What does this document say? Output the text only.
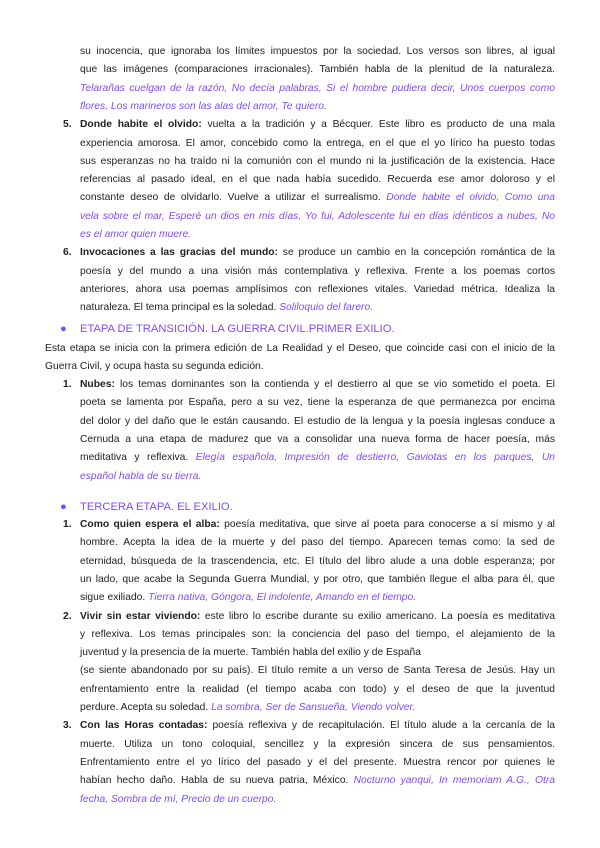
su inocencia, que ignoraba los límites impuestos por la sociedad. Los versos son libres, al igual
que las imágenes (comparaciones irracionales). También habla de la plenitud de la naturaleza.
Telarañas cuelgan de la razón, No decía palabras, Si el hombre pudiera decir, Unos cuerpos como
flores, Los marineros son las alas del amor, Te quiero.
5. Donde habite el olvido: vuelta a la tradición y a Bécquer. Este libro es producto de una mala
experiencia amorosa. El amor, concebido como la entrega, en el que el yo lírico ha puesto todas
sus esperanzas no ha traído ni la comunión con el mundo ni la justificación de la existencia. Hace
referencias al pasado ideal, en el que nada había sucedido. Recuerda ese amor doloroso y el
constante deseo de olvidarlo. Vuelve a utilizar el surrealismo. Donde habite el olvido, Como una
vela sobre el mar, Esperé un dios en mis días, Yo fui, Adolescente fui en días idénticos a nubes, No
es el amor quien muere.
6. Invocaciones a las gracias del mundo: se produce un cambio en la concepción romántica de la
poesía y del mundo a una visión más contemplativa y reflexiva. Frente a los poemas cortos
anteriores, ahora usa poemas amplísimos con reflexiones vitales. Variedad métrica. Idealiza la
naturaleza. El tema principal es la soledad. Soliloquio del farero.
● ETAPA DE TRANSICIÓN. LA GUERRA CIVIL.PRIMER EXILIO.
Esta etapa se inicia con la primera edición de La Realidad y el Deseo, que coincide casi con el inicio de la
Guerra Civil, y ocupa hasta su segunda edición.
1. Nubes: los temas dominantes son la contienda y el destierro al que se vio sometido el poeta. El
poeta se lamenta por España, pero a su vez, tiene la esperanza de que permanezca por encima
del dolor y del daño que le están causando. El estudio de la lengua y la poesía inglesas conduce a
Cernuda a una etapa de madurez que va a consolidar una nueva forma de hacer poesía, más
meditativa y reflexiva. Elegía española, Impresión de destierro, Gaviotas en los parques, Un
español habla de su tierra.
● TERCERA ETAPA. EL EXILIO.
1. Como quien espera el alba: poesía meditativa, que sirve al poeta para conocerse a sí mismo y al
hombre. Acepta la idea de la muerte y del paso del tiempo. Aparecen temas como: la sed de
eternidad, búsqueda de la trascendencia, etc. El título del libro alude a una doble esperanza; por
un lado, que acabe la Segunda Guerra Mundial, y por otro, que también llegue el alba para él, que
sigue exiliado. Tierra nativa, Góngora, El indolente, Amando en el tiempo.
2. Vivir sin estar viviendo: este libro lo escribe durante su exilio americano. La poesía es meditativa
y reflexiva. Los temas principales son: la conciencia del paso del tiempo, el alejamiento de la
juventud y la presencia de la muerte. También habla del exilio y de España
(se siente abandonado por su país). El título remite a un verso de Santa Teresa de Jesús. Hay un
enfrentamiento entre la realidad (el tiempo acaba con todo) y el deseo de que la juventud
perdure. Acepta su soledad. La sombra, Ser de Sansueña, Viendo volver.
3. Con las Horas contadas: poesía reflexiva y de recapitulación. El título alude a la cercanía de la
muerte. Utiliza un tono coloquial, sencillez y la expresión sincera de sus pensamientos.
Enfrentamiento entre el yo lírico del pasado y el del presente. Muestra rencor por quienes le
habían hecho daño. Habla de su nueva patria, México. Nocturno yanqui, In memoriam A.G., Otra
fecha, Sombra de mí, Precio de un cuerpo.
